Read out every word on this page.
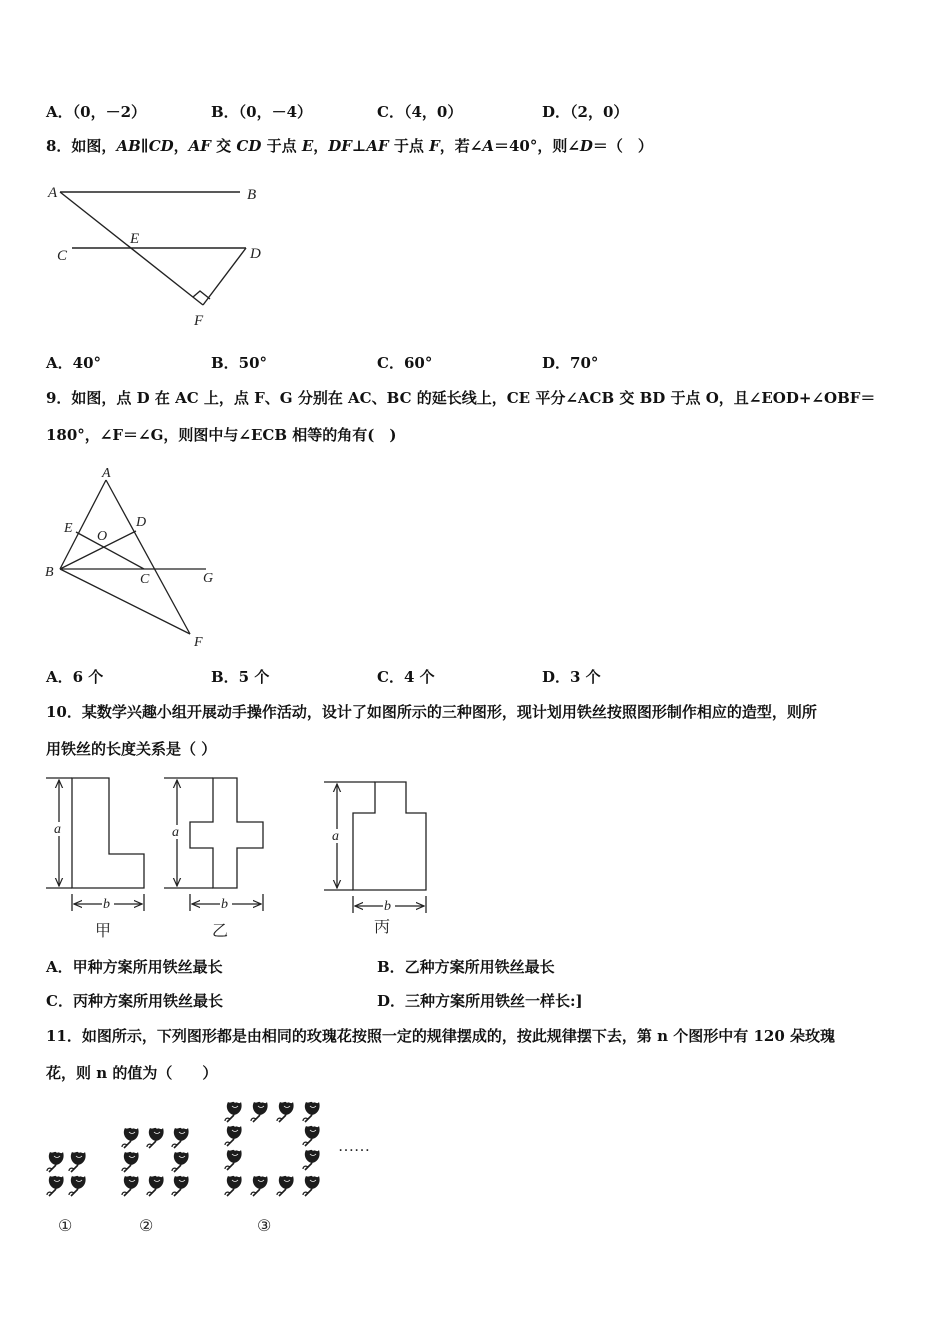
A．（0，－2）	B．（0，－4）	C．（4，0）	D．（2，0）
8．如图，AB∥CD，AF 交 CD 于点 E，DF⊥AF 于点 F，若∠A＝40°，则∠D＝（　）
A	B
C	D
E
F
A．40°	B．50°	C．60°	D．70°
9．如图，点 D 在 AC 上，点 F、G 分别在 AC、BC 的延长线上，CE 平分∠ACB 交 BD 于点 O，且∠EOD+∠OBF＝
180°，∠F＝∠G，则图中与∠ECB 相等的角有(　)
A
B	C
D
E
F
G
O
A．6 个	B．5 个	C．4 个	D．3 个
10．某数学兴趣小组开展动手操作活动，设计了如图所示的三种图形，现计划用铁丝按照图形制作相应的造型，则所
用铁丝的长度关系是（ ）
a
b
a
b
a
b
甲	乙	丙
A．甲种方案所用铁丝最长	B．乙种方案所用铁丝最长
C．丙种方案所用铁丝最长	D．三种方案所用铁丝一样长:]
11．如图所示，下列图形都是由相同的玫瑰花按照一定的规律摆成的，按此规律摆下去，第 n 个图形中有 120 朵玫瑰
花，则 n 的值为（　　）
……
①	②	③
